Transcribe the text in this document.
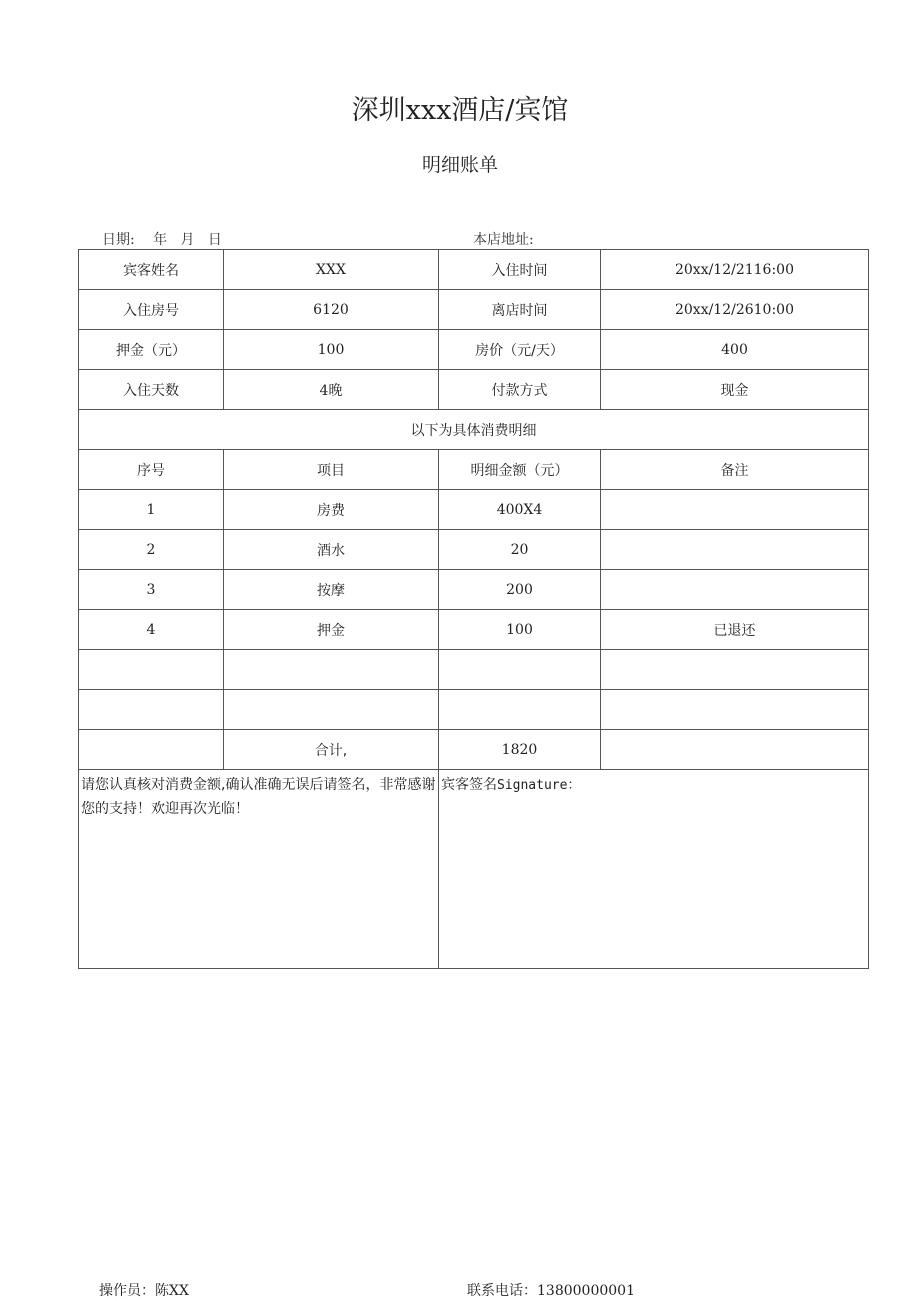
深圳xxx酒店/宾馆
明细账单
日期: 年 月 日	本店地址:
宾客姓名	XXX	入住时间	20xx/12/2116:00
入住房号	6120	离店时间	20xx/12/2610:00
押金（元）	100	房价（元/天）	400
入住天数	4晚	付款方式	现金
以下为具体消费明细			
序号	项目	明细金额（元）	备注
1	房费	400X4	
2	酒水	20	
3	按摩	200	
4	押金	100	已退还

	合计,	1820	
请您认真核对消费金额,确认准确无误后请签名，非常感谢您的支持！欢迎再次光临！		宾客签名Signature：	
操作员：陈XX	联系电话：13800000001
